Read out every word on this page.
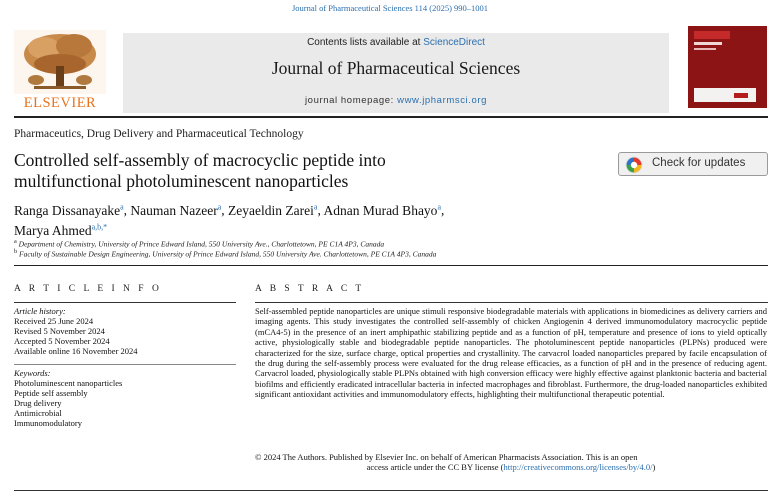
Journal of Pharmaceutical Sciences 114 (2025) 990–1001
ELSEVIER
Contents lists available at ScienceDirect
Journal of Pharmaceutical Sciences
journal homepage: www.jpharmsci.org
Pharmaceutics, Drug Delivery and Pharmaceutical Technology
Controlled self-assembly of macrocyclic peptide into
multifunctional photoluminescent nanoparticles
Check for updates
Ranga Dissanayake$^a$, Nauman Nazeer$^a$, Zeyaeldin Zarei$^a$, Adnan Murad Bhayo$^a$,
Marya Ahmed$^{a,b,*}$
$^a$ Department of Chemistry, University of Prince Edward Island, 550 University Ave., Charlottetown, PE C1A 4P3, Canada
$^b$ Faculty of Sustainable Design Engineering, University of Prince Edward Island, 550 University Ave. Charlottetown, PE C1A 4P3, Canada
A R T I C L E I N F O	A B S T R A C T
Article history:
Received 25 June 2024
Revised 5 November 2024
Accepted 5 November 2024
Available online 16 November 2024
Keywords:
Photoluminescent nanoparticles
Peptide self assembly
Drug delivery
Antimicrobial
Immunomodulatory
Self-assembled peptide nanoparticles are unique stimuli responsive biodegradable materials with applications in biomedicines as delivery carriers and imaging agents. This study investigates the controlled self-assembly of chicken Angiogenin 4 derived immunomodulatory macrocyclic peptide (mCA4-5) in the presence of an inert amphipathic stabilizing peptide and as a function of pH, temperature and presence of ions to yield optically active, physiologically stable and biodegradable peptide nanoparticles. The photoluminescent peptide nanoparticles (PLPNs) produced were characterized for the size, surface charge, optical properties and crystallinity. The carvacrol loaded nanoparticles prepared by facile encapsulation of the drug during the self-assembly process were evaluated for the drug release efficacies, as a function of pH and in the presence of reducing agent. Carvacrol loaded, physiologically stable PLPNs obtained with high conversion efficacy were highly effective against planktonic bacteria and bacterial biofilms and efficiently eradicated intracellular bacteria in infected macrophages and fibroblast. Furthermore, the drug-loaded nanoparticles exhibited significant antioxidant activities and immunomodulatory effects, highlighting their multifunctional therapeutic potential.
© 2024 The Authors. Published by Elsevier Inc. on behalf of American Pharmacists Association. This is an open
access article under the CC BY license (http://creativecommons.org/licenses/by/4.0/)
